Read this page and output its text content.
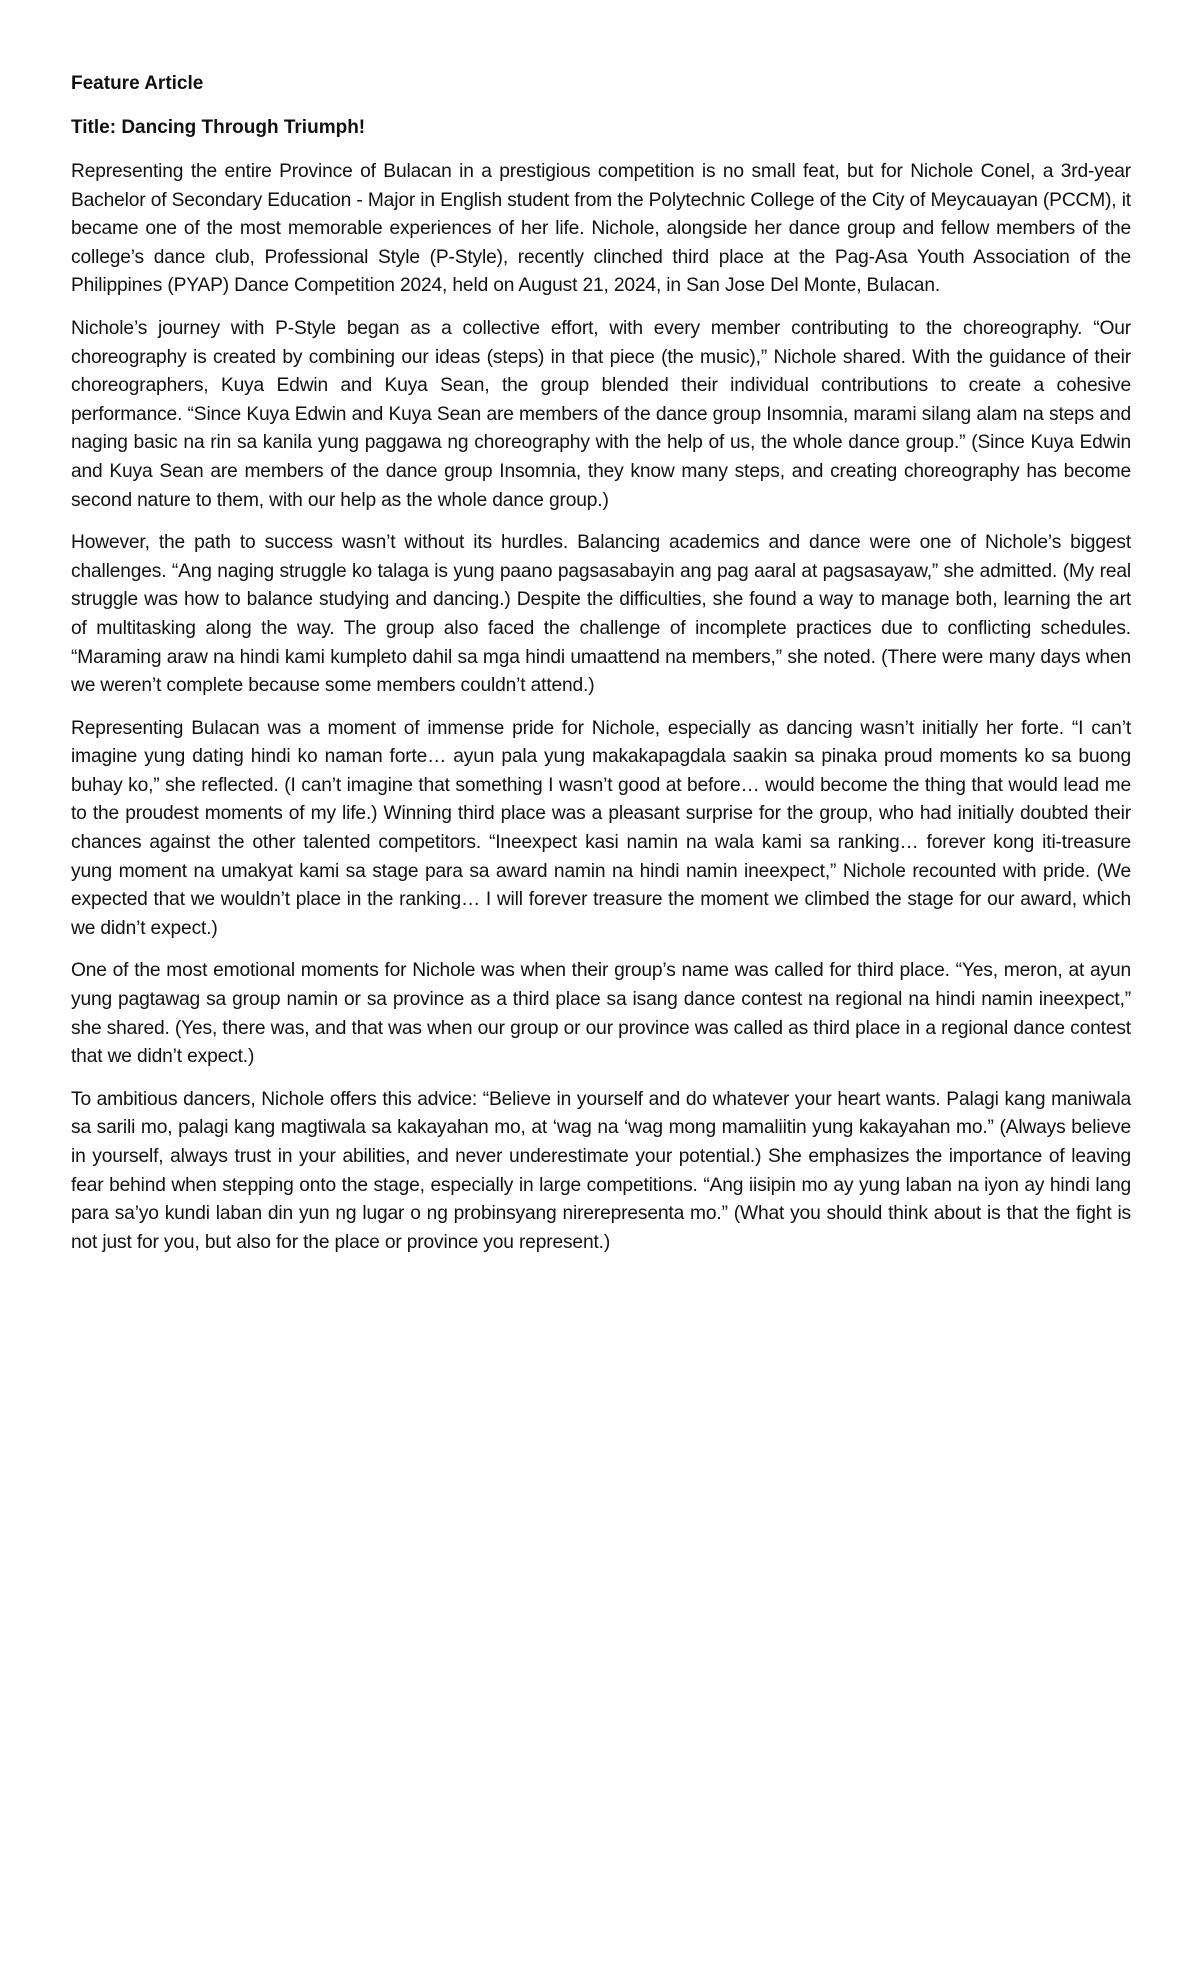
Feature Article
Title: Dancing Through Triumph!

Representing the entire Province of Bulacan in a prestigious competition is no small feat, but for Nichole Conel, a 3rd-year Bachelor of Secondary Education - Major in English student from the Polytechnic College of the City of Meycauayan (PCCM), it became one of the most memorable experiences of her life. Nichole, alongside her dance group and fellow members of the college’s dance club, Professional Style (P-Style), recently clinched third place at the Pag-Asa Youth Association of the Philippines (PYAP) Dance Competition 2024, held on August 21, 2024, in San Jose Del Monte, Bulacan.

Nichole’s journey with P-Style began as a collective effort, with every member contributing to the choreography. “Our choreography is created by combining our ideas (steps) in that piece (the music),” Nichole shared. With the guidance of their choreographers, Kuya Edwin and Kuya Sean, the group blended their individual contributions to create a cohesive performance. “Since Kuya Edwin and Kuya Sean are members of the dance group Insomnia, marami silang alam na steps and naging basic na rin sa kanila yung paggawa ng choreography with the help of us, the whole dance group.” (Since Kuya Edwin and Kuya Sean are members of the dance group Insomnia, they know many steps, and creating choreography has become second nature to them, with our help as the whole dance group.)

However, the path to success wasn’t without its hurdles. Balancing academics and dance were one of Nichole’s biggest challenges. “Ang naging struggle ko talaga is yung paano pagsasabayin ang pag aaral at pagsasayaw,” she admitted. (My real struggle was how to balance studying and dancing.) Despite the difficulties, she found a way to manage both, learning the art of multitasking along the way. The group also faced the challenge of incomplete practices due to conflicting schedules. “Maraming araw na hindi kami kumpleto dahil sa mga hindi umaattend na members,” she noted. (There were many days when we weren’t complete because some members couldn’t attend.)

Representing Bulacan was a moment of immense pride for Nichole, especially as dancing wasn’t initially her forte. “I can’t imagine yung dating hindi ko naman forte… ayun pala yung makakapagdala saakin sa pinaka proud moments ko sa buong buhay ko,” she reflected. (I can’t imagine that something I wasn’t good at before… would become the thing that would lead me to the proudest moments of my life.) Winning third place was a pleasant surprise for the group, who had initially doubted their chances against the other talented competitors. “Ineexpect kasi namin na wala kami sa ranking… forever kong iti-treasure yung moment na umakyat kami sa stage para sa award namin na hindi namin ineexpect,” Nichole recounted with pride. (We expected that we wouldn’t place in the ranking… I will forever treasure the moment we climbed the stage for our award, which we didn’t expect.)

One of the most emotional moments for Nichole was when their group’s name was called for third place. “Yes, meron, at ayun yung pagtawag sa group namin or sa province as a third place sa isang dance contest na regional na hindi namin ineexpect,” she shared. (Yes, there was, and that was when our group or our province was called as third place in a regional dance contest that we didn’t expect.)

To ambitious dancers, Nichole offers this advice: “Believe in yourself and do whatever your heart wants. Palagi kang maniwala sa sarili mo, palagi kang magtiwala sa kakayahan mo, at ‘wag na ‘wag mong mamaliitin yung kakayahan mo.” (Always believe in yourself, always trust in your abilities, and never underestimate your potential.) She emphasizes the importance of leaving fear behind when stepping onto the stage, especially in large competitions. “Ang iisipin mo ay yung laban na iyon ay hindi lang para sa’yo kundi laban din yun ng lugar o ng probinsyang nirerepresenta mo.” (What you should think about is that the fight is not just for you, but also for the place or province you represent.)
